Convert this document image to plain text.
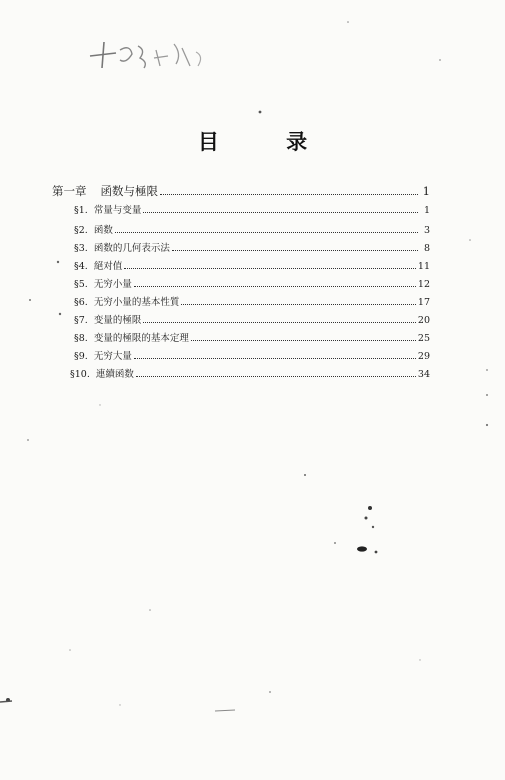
目 录
第一章 函数与極限	1
§1. 常量与变量	1
§2. 函数	3
§3. 函数的几何表示法	8
§4. 絕对值	11
§5. 无穷小量	12
§6. 无穷小量的基本性質	17
§7. 变量的極限	20
§8. 变量的極限的基本定理	25
§9. 无穷大量	29
§10. 連續函数	34
